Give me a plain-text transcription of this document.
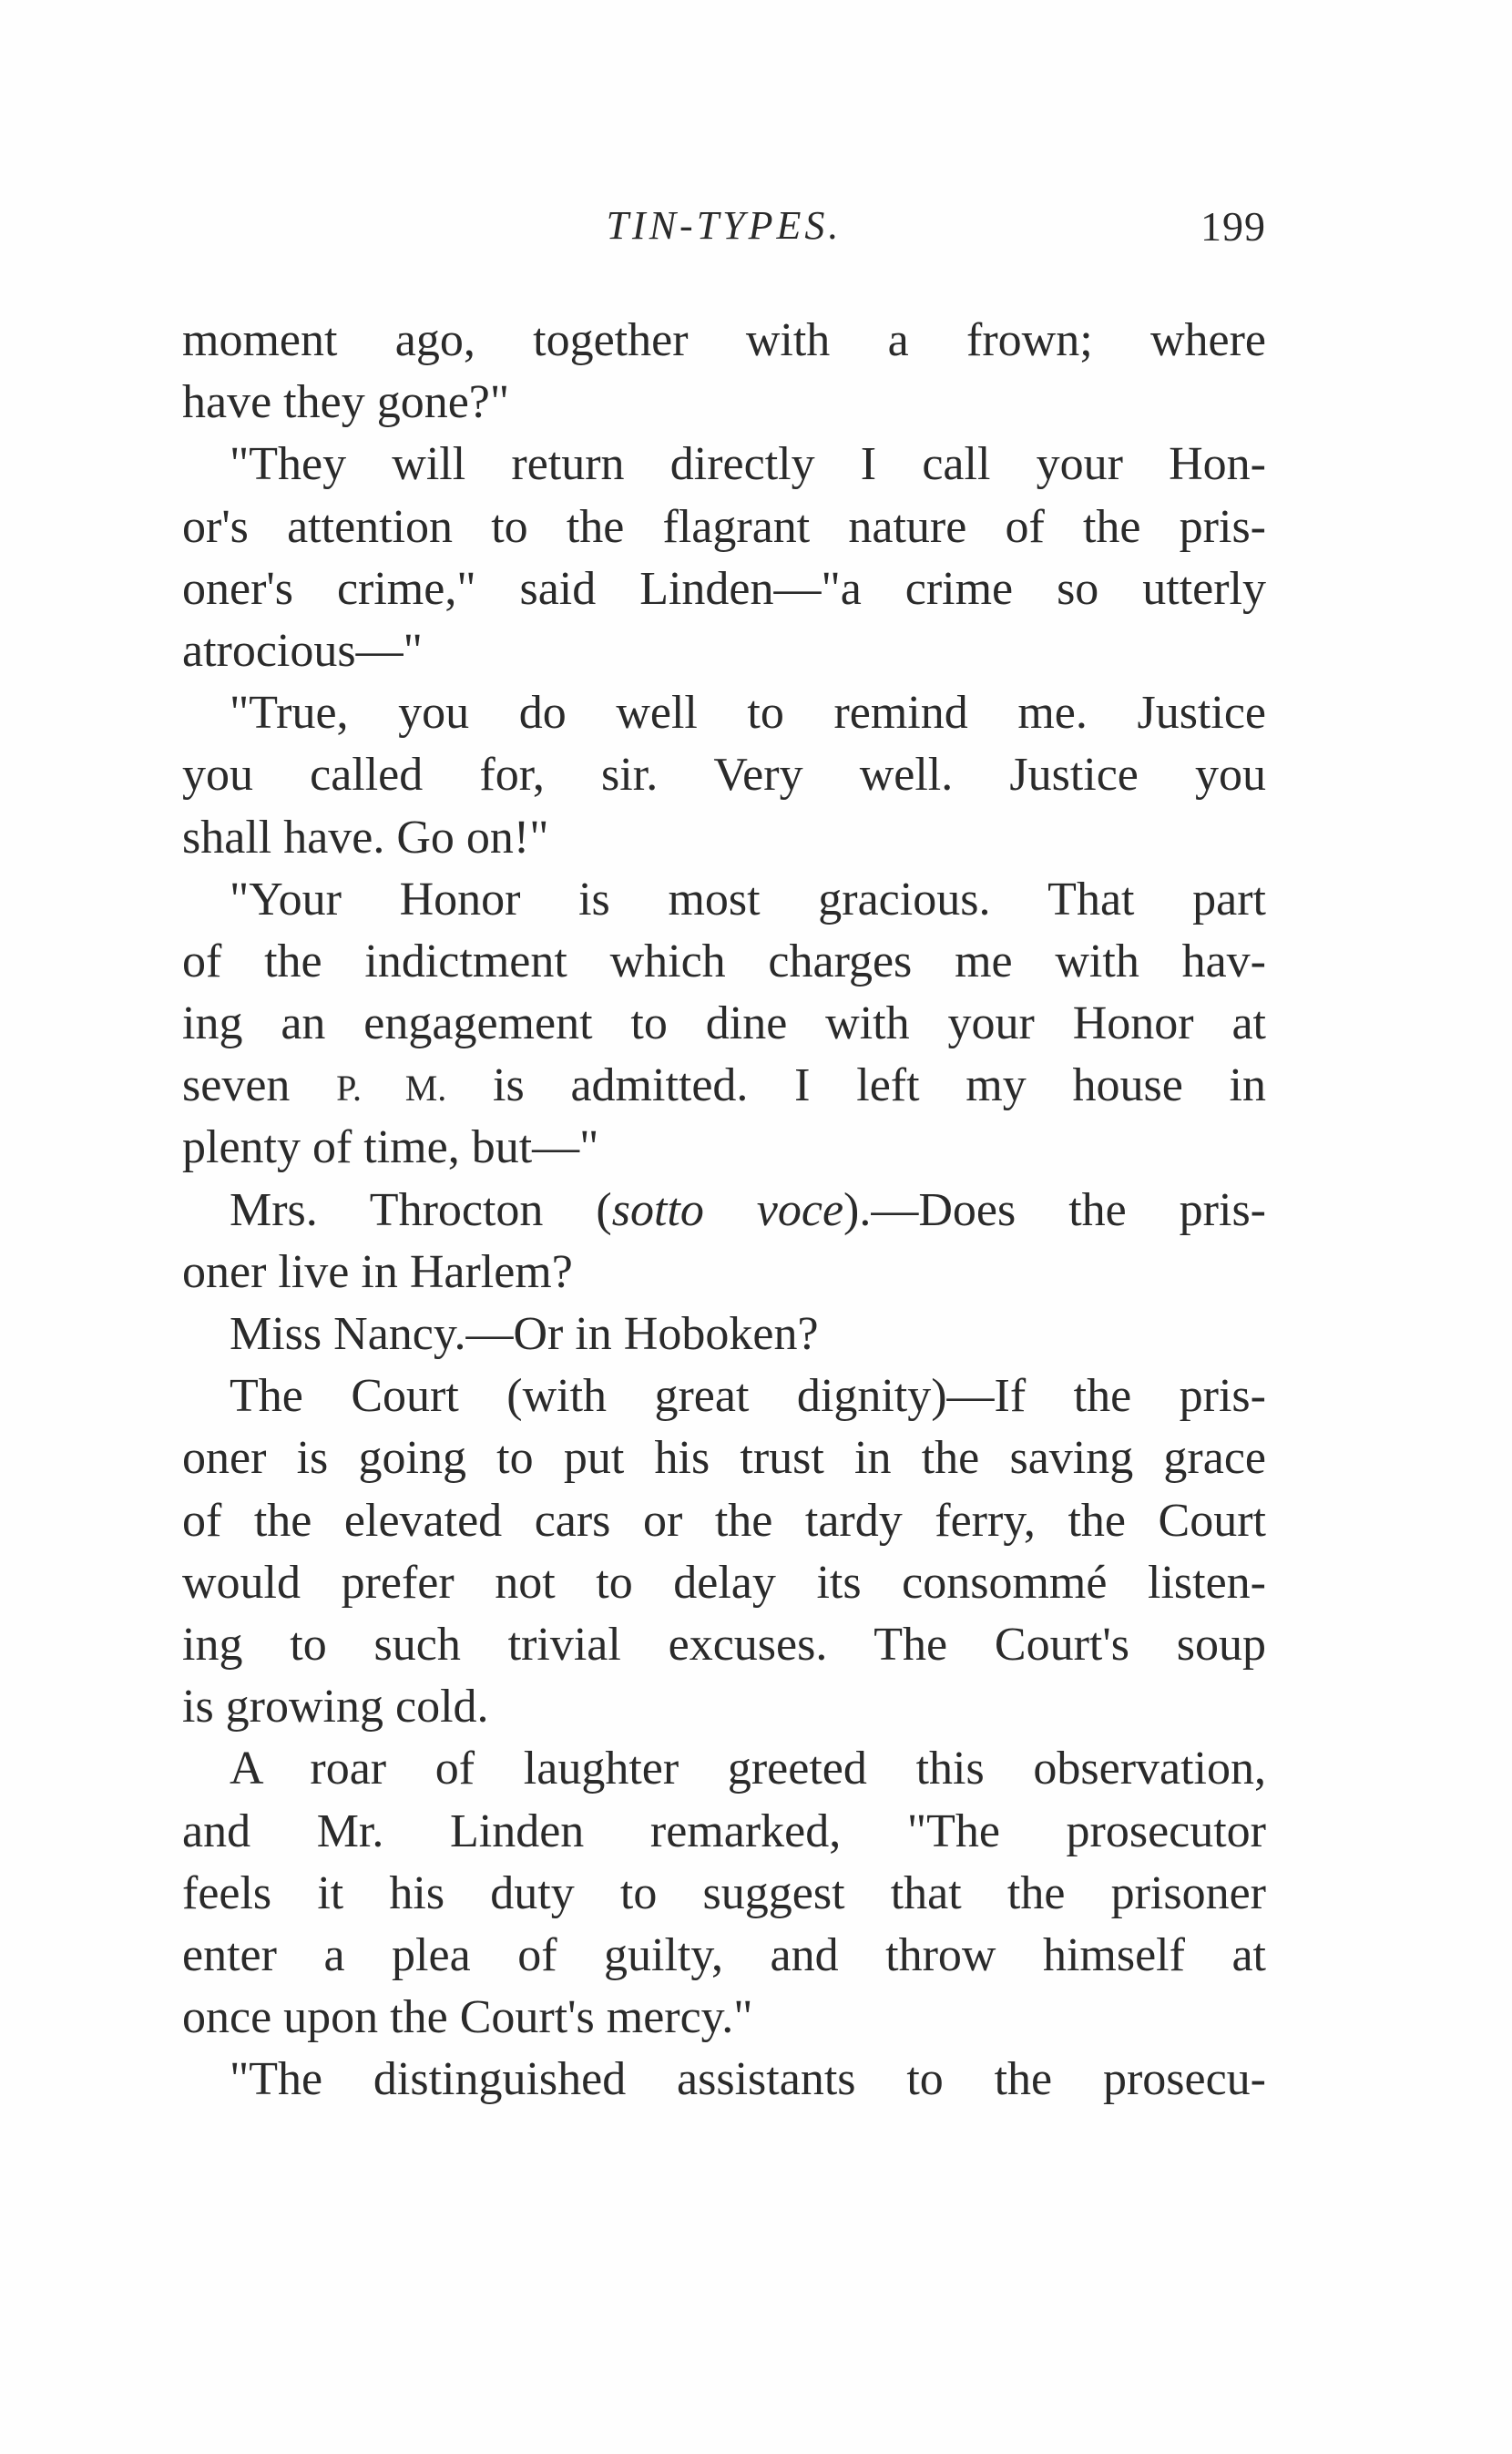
TIN-TYPES.	199
moment ago, together with a frown; where
have they gone?"
"They will return directly I call your Hon-
or's attention to the flagrant nature of the pris-
oner's crime," said Linden—"a crime so utterly
atrocious—"
"True, you do well to remind me. Justice
you called for, sir. Very well. Justice you
shall have. Go on!"
"Your Honor is most gracious. That part
of the indictment which charges me with hav-
ing an engagement to dine with your Honor at
seven P. M. is admitted. I left my house in
plenty of time, but—"
Mrs. Throcton (sotto voce).—Does the pris-
oner live in Harlem?
Miss Nancy.—Or in Hoboken?
The Court (with great dignity)—If the pris-
oner is going to put his trust in the saving grace
of the elevated cars or the tardy ferry, the Court
would prefer not to delay its consommé listen-
ing to such trivial excuses. The Court's soup
is growing cold.
A roar of laughter greeted this observation,
and Mr. Linden remarked, "The prosecutor
feels it his duty to suggest that the prisoner
enter a plea of guilty, and throw himself at
once upon the Court's mercy."
"The distinguished assistants to the prosecu-
